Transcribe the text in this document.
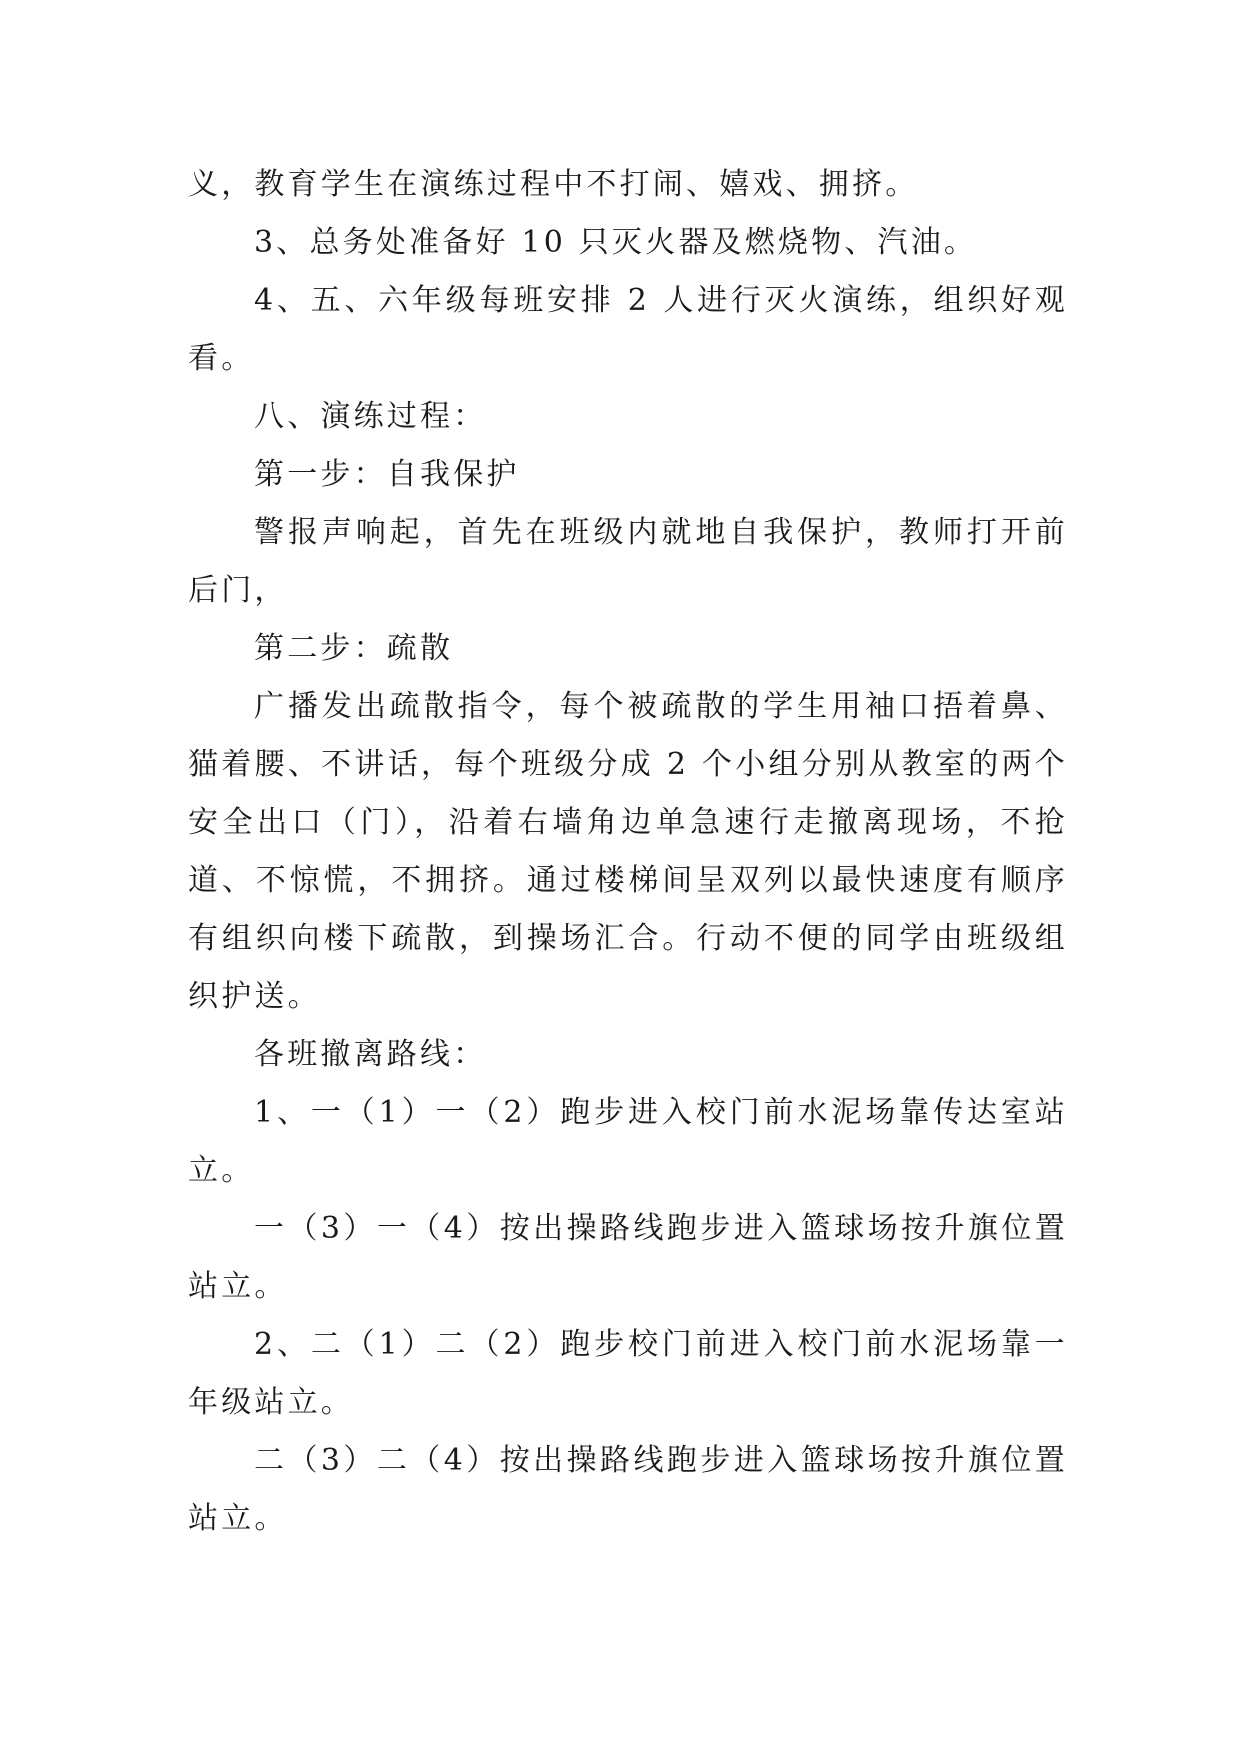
义，教育学生在演练过程中不打闹、嬉戏、拥挤。

3、总务处准备好 10 只灭火器及燃烧物、汽油。

4、五、六年级每班安排 2 人进行灭火演练，组织好观看。

八、演练过程：

第一步：自我保护

警报声响起，首先在班级内就地自我保护，教师打开前后门，

第二步：疏散

广播发出疏散指令，每个被疏散的学生用袖口捂着鼻、猫着腰、不讲话，每个班级分成 2 个小组分别从教室的两个安全出口（门），沿着右墙角边单急速行走撤离现场，不抢道、不惊慌，不拥挤。通过楼梯间呈双列以最快速度有顺序有组织向楼下疏散，到操场汇合。行动不便的同学由班级组织护送。

各班撤离路线：

1、一（1）一（2）跑步进入校门前水泥场靠传达室站立。

一（3）一（4）按出操路线跑步进入篮球场按升旗位置站立。

2、二（1）二（2）跑步校门前进入校门前水泥场靠一年级站立。

二（3）二（4）按出操路线跑步进入篮球场按升旗位置站立。
